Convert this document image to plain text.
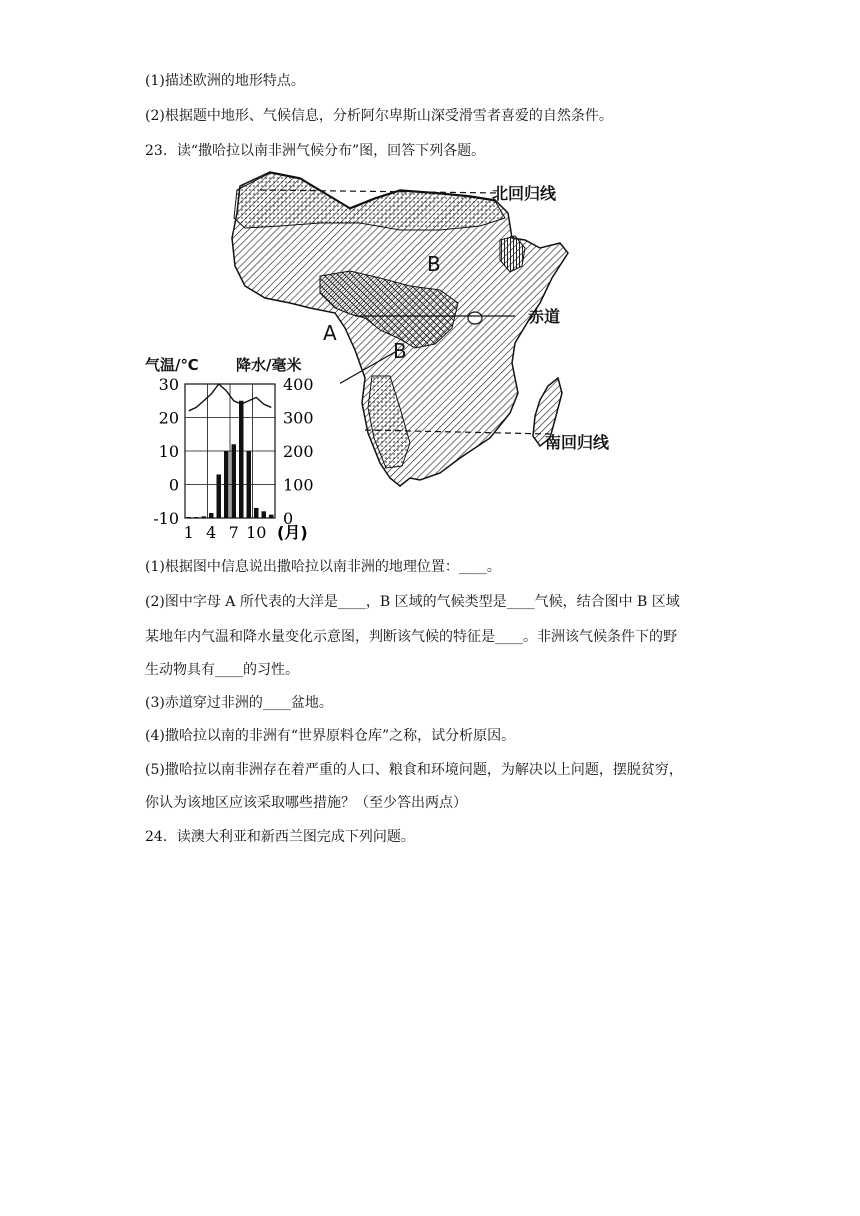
(1)描述欧洲的地形特点。
(2)根据题中地形、气候信息，分析阿尔卑斯山深受滑雪者喜爱的自然条件。
23．读“撒哈拉以南非洲气候分布”图，回答下列各题。
北回归线
赤道
南回归线
A
B
B
气温/℃ 降水/毫米
30
20
10
0
-10
400
300
200
100
0
1 4 7 10 (月)
(1)根据图中信息说出撒哈拉以南非洲的地理位置：____。
(2)图中字母 A 所代表的大洋是____，B 区域的气候类型是____气候，结合图中 B 区域
某地年内气温和降水量变化示意图，判断该气候的特征是____。非洲该气候条件下的野
生动物具有____的习性。
(3)赤道穿过非洲的____盆地。
(4)撒哈拉以南的非洲有“世界原料仓库”之称，试分析原因。
(5)撒哈拉以南非洲存在着严重的人口、粮食和环境问题，为解决以上问题，摆脱贫穷，
你认为该地区应该采取哪些措施？（至少答出两点）
24．读澳大利亚和新西兰图完成下列问题。
